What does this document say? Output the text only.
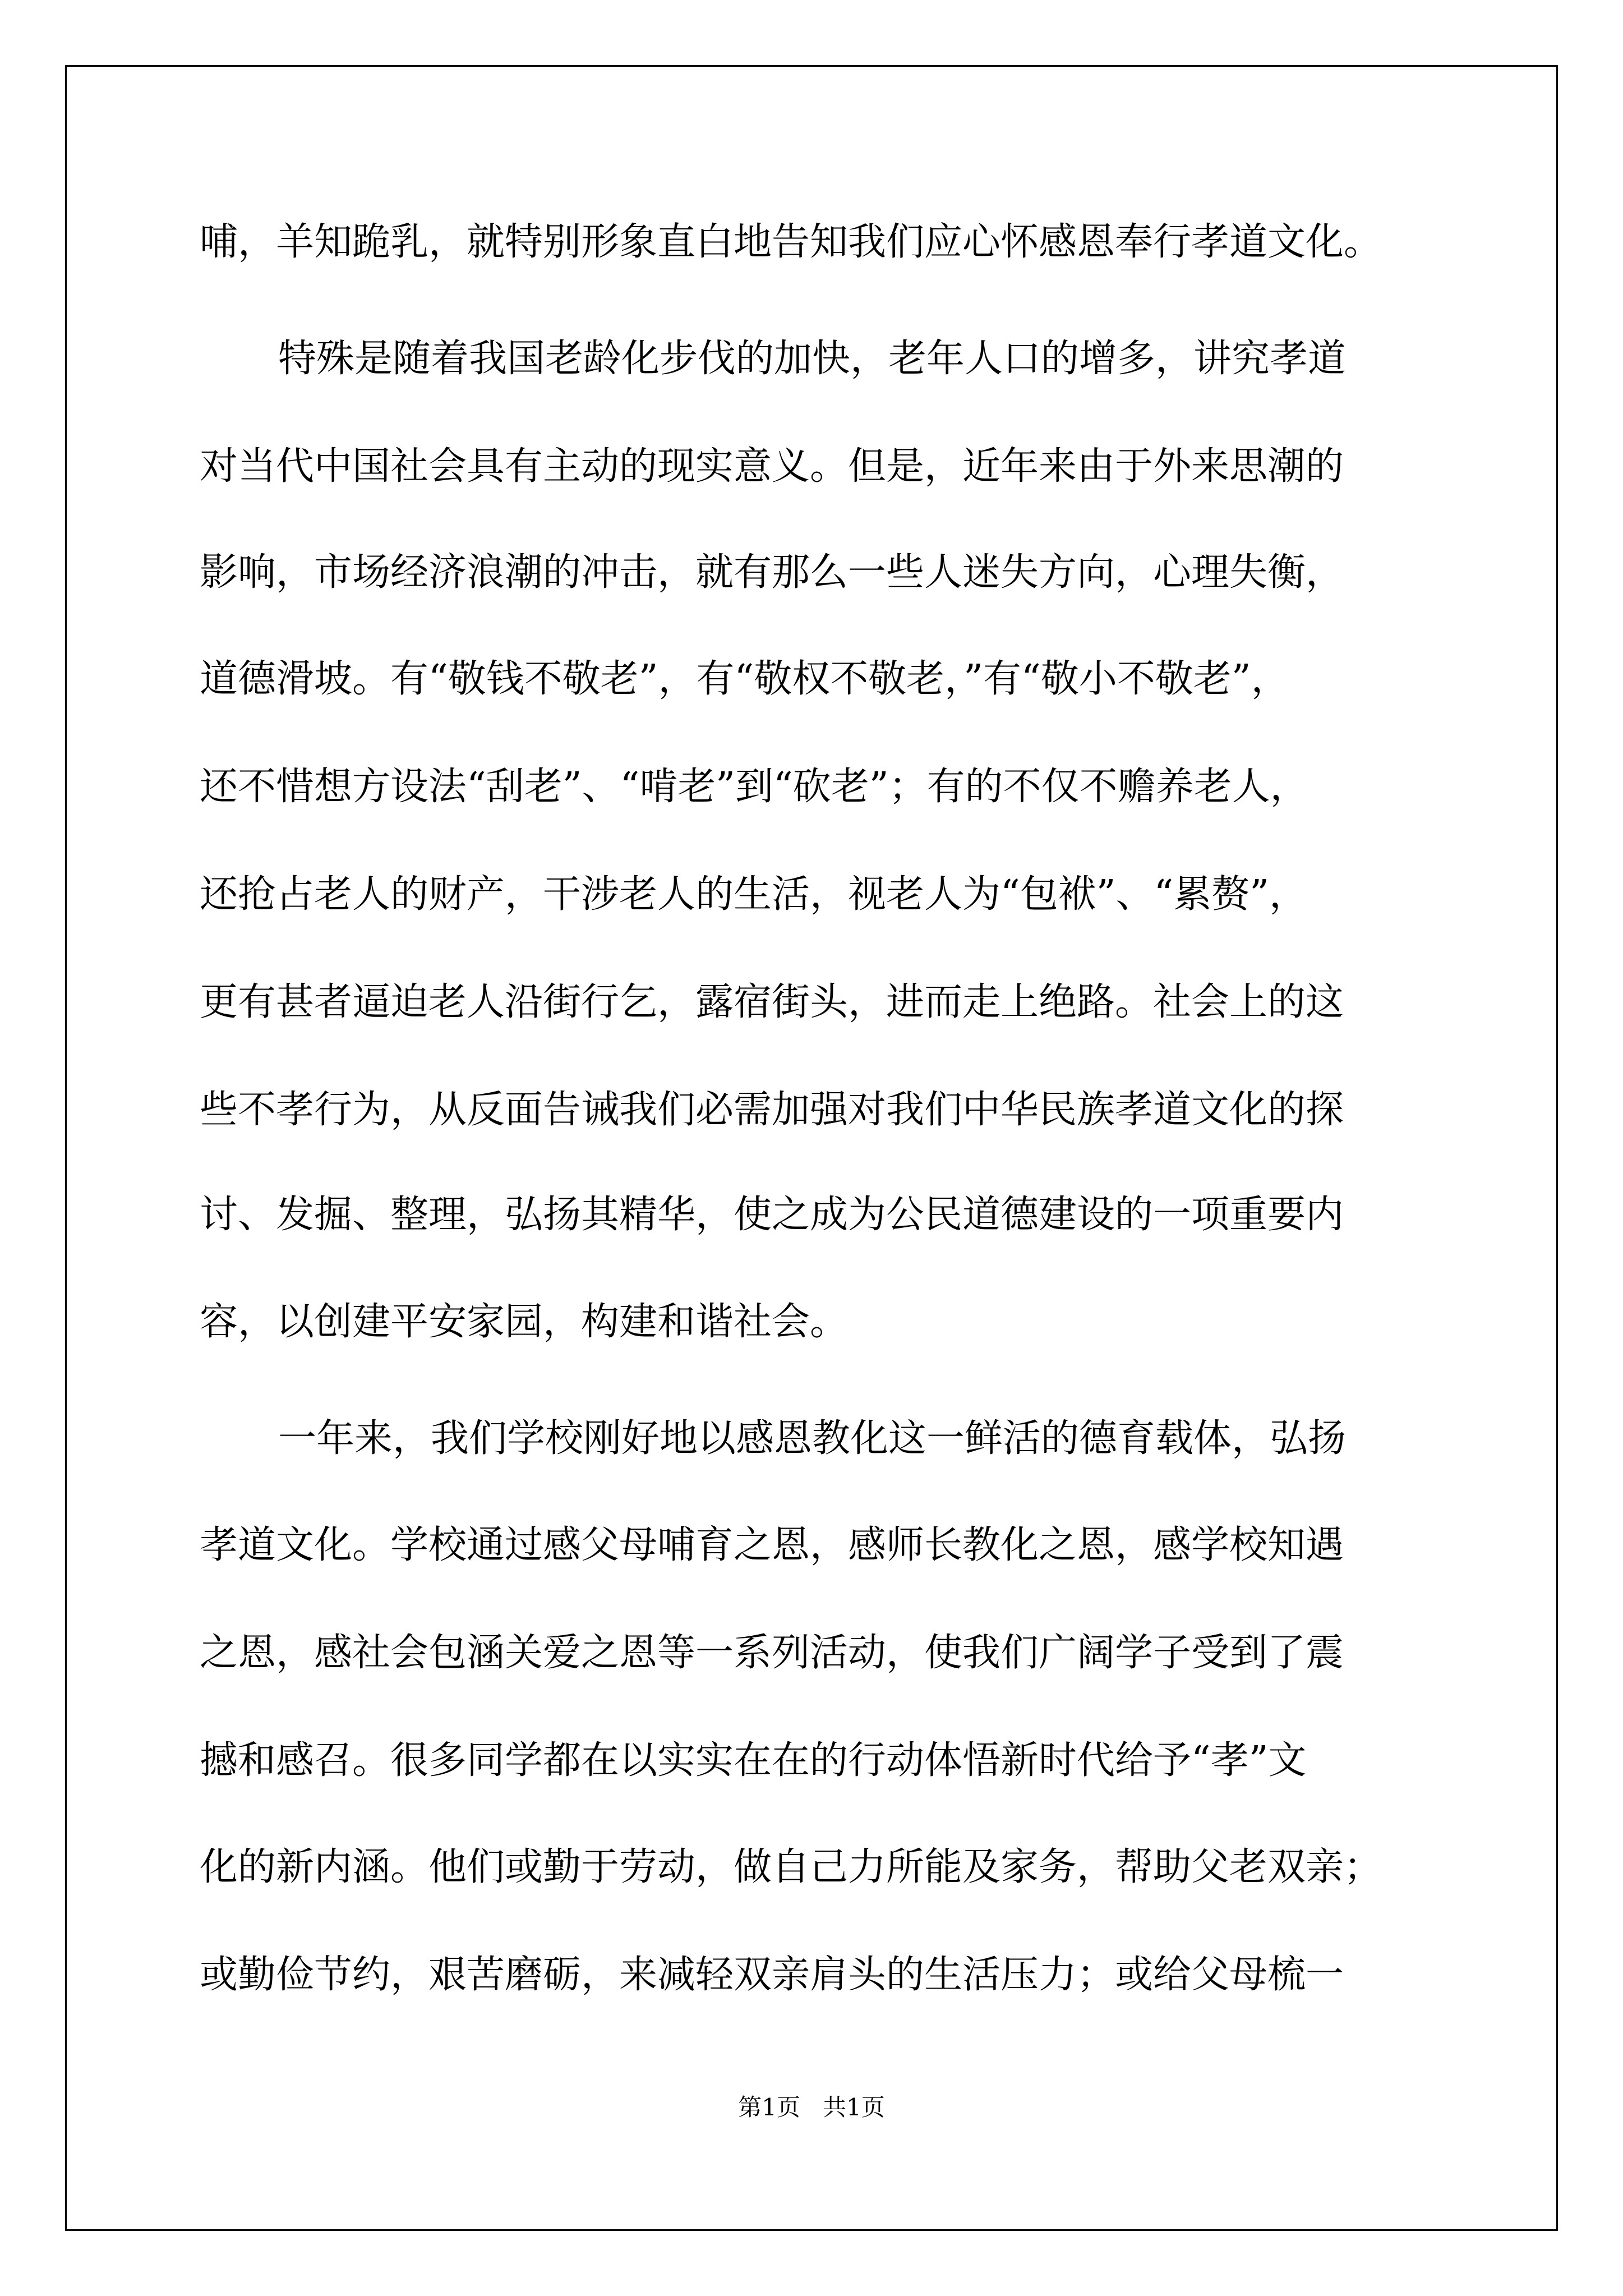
哺，羊知跪乳，就特别形象直白地告知我们应心怀感恩奉行孝道文化。
特殊是随着我国老龄化步伐的加快，老年人口的增多，讲究孝道
对当代中国社会具有主动的现实意义。但是，近年来由于外来思潮的
影响，市场经济浪潮的冲击，就有那么一些人迷失方向，心理失衡，
道德滑坡。有“敬钱不敬老”，有“敬权不敬老，”有“敬小不敬老”，
还不惜想方设法“刮老”、“啃老”到“砍老”；有的不仅不赡养老人，
还抢占老人的财产，干涉老人的生活，视老人为“包袱”、“累赘”，
更有甚者逼迫老人沿街行乞，露宿街头，进而走上绝路。社会上的这
些不孝行为，从反面告诫我们必需加强对我们中华民族孝道文化的探
讨、发掘、整理，弘扬其精华，使之成为公民道德建设的一项重要内
容，以创建平安家园，构建和谐社会。
一年来，我们学校刚好地以感恩教化这一鲜活的德育载体，弘扬
孝道文化。学校通过感父母哺育之恩，感师长教化之恩，感学校知遇
之恩，感社会包涵关爱之恩等一系列活动，使我们广阔学子受到了震
撼和感召。很多同学都在以实实在在的行动体悟新时代给予“孝”文
化的新内涵。他们或勤于劳动，做自己力所能及家务，帮助父老双亲；
或勤俭节约，艰苦磨砺，来减轻双亲肩头的生活压力；或给父母梳一
第1页   共1页
